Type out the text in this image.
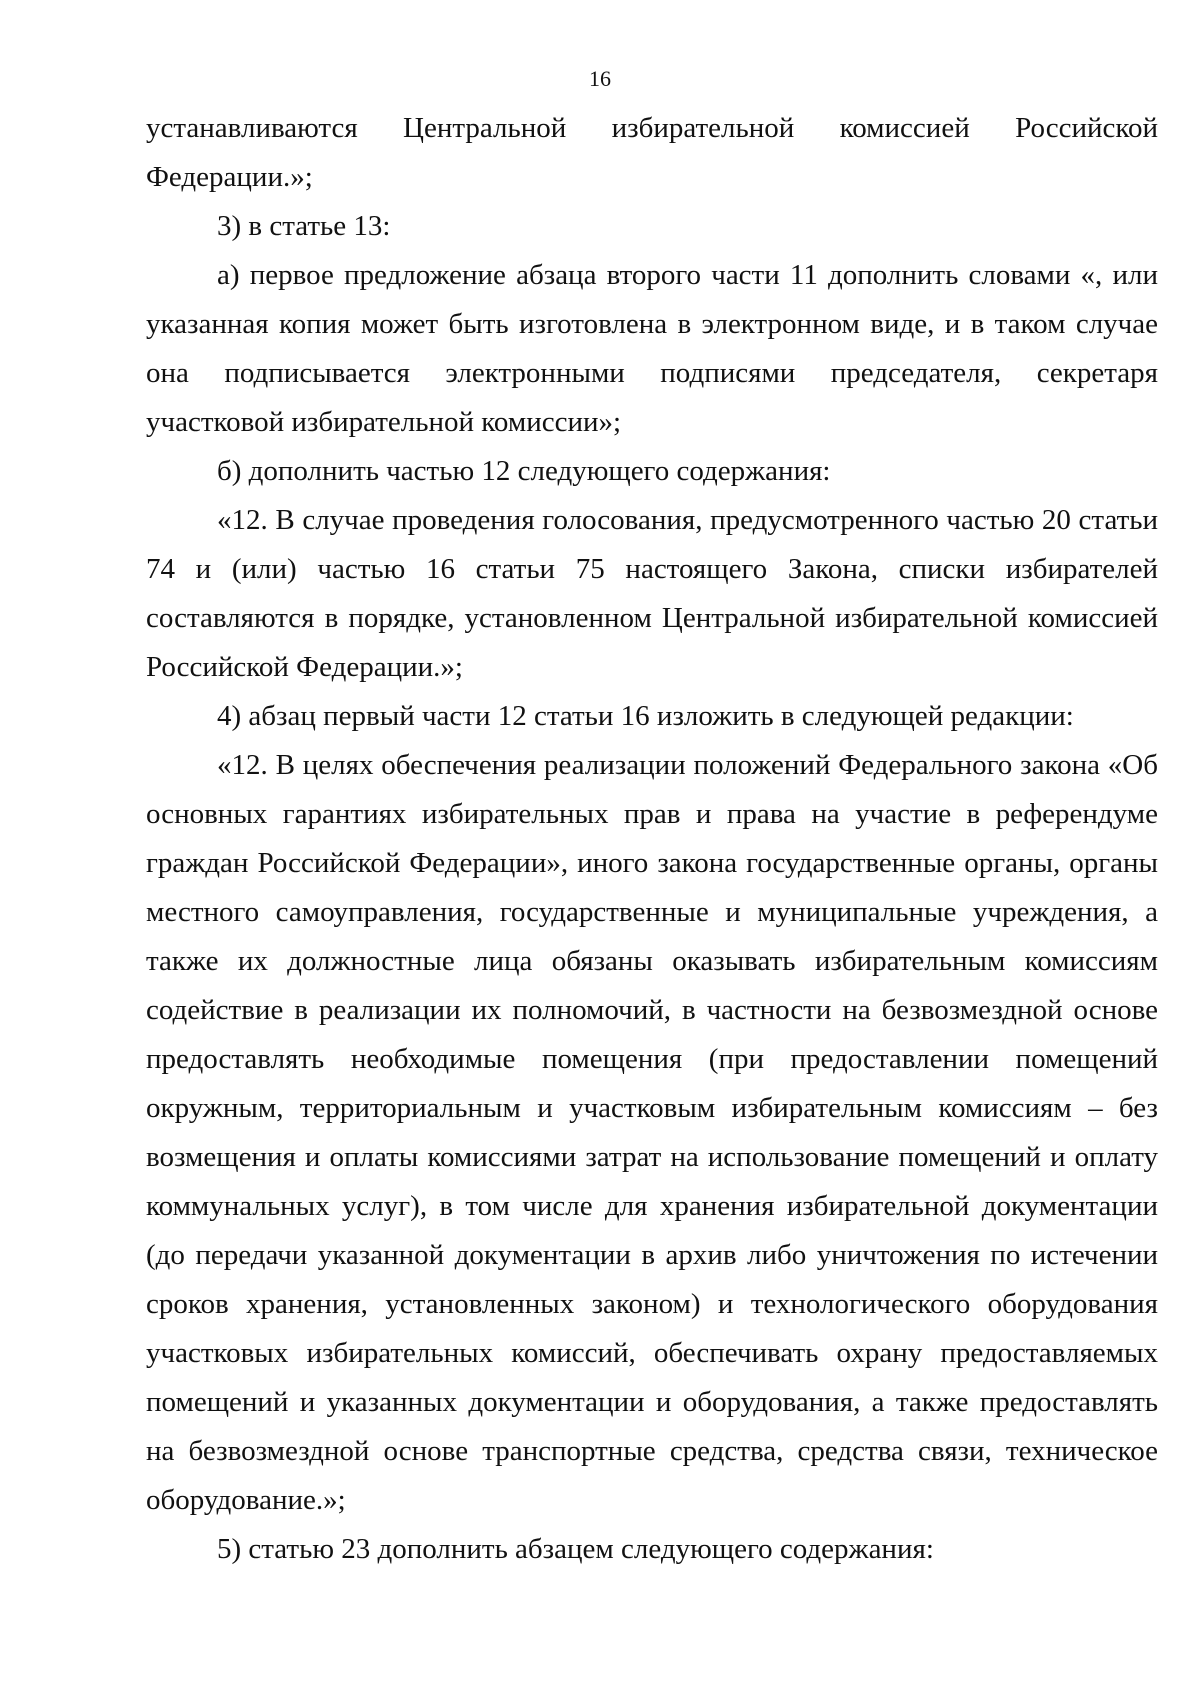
16

устанавливаются Центральной избирательной комиссией Российской Федерации.»;

3) в статье 13:

а) первое предложение абзаца второго части 11 дополнить словами «, или указанная копия может быть изготовлена в электронном виде, и в таком случае она подписывается электронными подписями председателя, секретаря участковой избирательной комиссии»;

б) дополнить частью 12 следующего содержания:

«12. В случае проведения голосования, предусмотренного частью 20 статьи 74 и (или) частью 16 статьи 75 настоящего Закона, списки избирателей составляются в порядке, установленном Центральной избирательной комиссией Российской Федерации.»;

4) абзац первый части 12 статьи 16 изложить в следующей редакции:

«12. В целях обеспечения реализации положений Федерального закона «Об основных гарантиях избирательных прав и права на участие в референдуме граждан Российской Федерации», иного закона государственные органы, органы местного самоуправления, государственные и муниципальные учреждения, а также их должностные лица обязаны оказывать избирательным комиссиям содействие в реализации их полномочий, в частности на безвозмездной основе предоставлять необходимые помещения (при предоставлении помещений окружным, территориальным и участковым избирательным комиссиям – без возмещения и оплаты комиссиями затрат на использование помещений и оплату коммунальных услуг), в том числе для хранения избирательной документации (до передачи указанной документации в архив либо уничтожения по истечении сроков хранения, установленных законом) и технологического оборудования участковых избирательных комиссий, обеспечивать охрану предоставляемых помещений и указанных документации и оборудования, а также предоставлять на безвозмездной основе транспортные средства, средства связи, техническое оборудование.»;

5) статью 23 дополнить абзацем следующего содержания:
